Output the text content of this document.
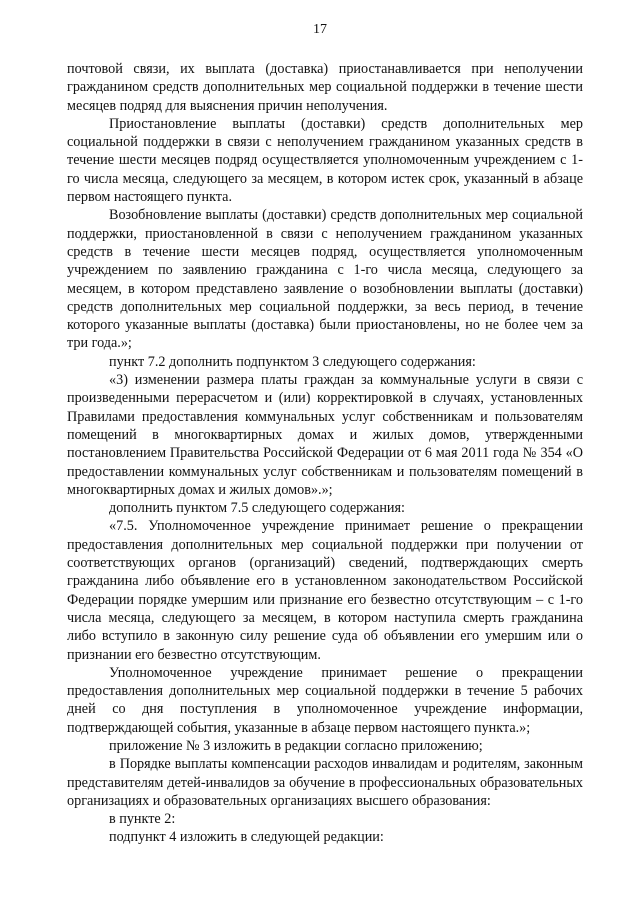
17

почтовой связи, их выплата (доставка) приостанавливается при неполучении гражданином средств дополнительных мер социальной поддержки в течение шести месяцев подряд для выяснения причин неполучения.

Приостановление выплаты (доставки) средств дополнительных мер социальной поддержки в связи с неполучением гражданином указанных средств в течение шести месяцев подряд осуществляется уполномоченным учреждением с 1-го числа месяца, следующего за месяцем, в котором истек срок, указанный в абзаце первом настоящего пункта.

Возобновление выплаты (доставки) средств дополнительных мер социальной поддержки, приостановленной в связи с неполучением гражданином указанных средств в течение шести месяцев подряд, осуществляется уполномоченным учреждением по заявлению гражданина с 1-го числа месяца, следующего за месяцем, в котором представлено заявление о возобновлении выплаты (доставки) средств дополнительных мер социальной поддержки, за весь период, в течение которого указанные выплаты (доставка) были приостановлены, но не более чем за три года.»;

пункт 7.2 дополнить подпунктом 3 следующего содержания:

«3) изменении размера платы граждан за коммунальные услуги в связи с произведенными перерасчетом и (или) корректировкой в случаях, установленных Правилами предоставления коммунальных услуг собственникам и пользователям помещений в многоквартирных домах и жилых домов, утвержденными постановлением Правительства Российской Федерации от 6 мая 2011 года № 354 «О предоставлении коммунальных услуг собственникам и пользователям помещений в многоквартирных домах и жилых домов».»;

дополнить пунктом 7.5 следующего содержания:

«7.5. Уполномоченное учреждение принимает решение о прекращении предоставления дополнительных мер социальной поддержки при получении от соответствующих органов (организаций) сведений, подтверждающих смерть гражданина либо объявление его в установленном законодательством Российской Федерации порядке умершим или признание его безвестно отсутствующим – с 1-го числа месяца, следующего за месяцем, в котором наступила смерть гражданина либо вступило в законную силу решение суда об объявлении его умершим или о признании его безвестно отсутствующим.

Уполномоченное учреждение принимает решение о прекращении предоставления дополнительных мер социальной поддержки в течение 5 рабочих дней со дня поступления в уполномоченное учреждение информации, подтверждающей события, указанные в абзаце первом настоящего пункта.»;

приложение № 3 изложить в редакции согласно приложению;

в Порядке выплаты компенсации расходов инвалидам и родителям, законным представителям детей-инвалидов за обучение в профессиональных образовательных организациях и образовательных организациях высшего образования:

в пункте 2:

подпункт 4 изложить в следующей редакции:
